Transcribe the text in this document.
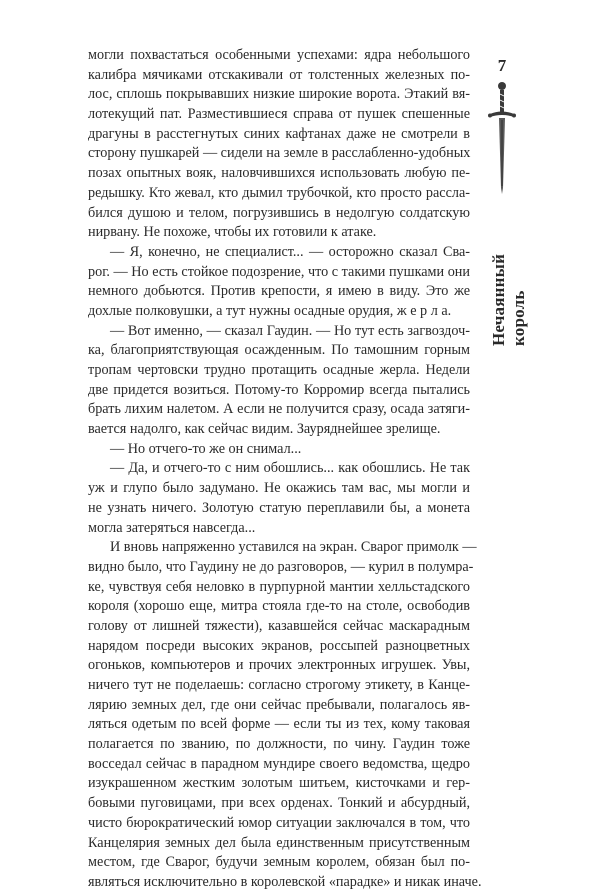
могли похвастаться особенными успехами: ядра небольшого
калибра мячиками отскакивали от толстенных железных по-
лос, сплошь покрывавших низкие широкие ворота. Этакий вя-
лотекущий пат. Разместившиеся справа от пушек спешенные
драгуны в расстегнутых синих кафтанах даже не смотрели в
сторону пушкарей — сидели на земле в расслабленно-удобных
позах опытных вояк, наловчившихся использовать любую пе-
редышку. Кто жевал, кто дымил трубочкой, кто просто рассла-
бился душою и телом, погрузившись в недолгую солдатскую
нирвану. Не похоже, чтобы их готовили к атаке.
— Я, конечно, не специалист... — осторожно сказал Сва-
рог. — Но есть стойкое подозрение, что с такими пушками они
немного добьются. Против крепости, я имею в виду. Это же
дохлые полковушки, а тут нужны осадные орудия, ж е р л а.
— Вот именно, — сказал Гаудин. — Но тут есть загвоздоч-
ка, благоприятствующая осажденным. По тамошним горным
тропам чертовски трудно протащить осадные жерла. Недели
две придется возиться. Потому-то Корромир всегда пытались
брать лихим налетом. А если не получится сразу, осада затяги-
вается надолго, как сейчас видим. Зауряднейшее зрелище.
— Но отчего-то же он снимал...
— Да, и отчего-то с ним обошлись... как обошлись. Не так
уж и глупо было задумано. Не окажись там вас, мы могли и
не узнать ничего. Золотую статую переплавили бы, а монета
могла затеряться навсегда...
И вновь напряженно уставился на экран. Сварог примолк —
видно было, что Гаудину не до разговоров, — курил в полумра-
ке, чувствуя себя неловко в пурпурной мантии хелльстадского
короля (хорошо еще, митра стояла где-то на столе, освободив
голову от лишней тяжести), казавшейся сейчас маскарадным
нарядом посреди высоких экранов, россыпей разноцветных
огоньков, компьютеров и прочих электронных игрушек. Увы,
ничего тут не поделаешь: согласно строгому этикету, в Канце-
лярию земных дел, где они сейчас пребывали, полагалось яв-
ляться одетым по всей форме — если ты из тех, кому таковая
полагается по званию, по должности, по чину. Гаудин тоже
восседал сейчас в парадном мундире своего ведомства, щедро
изукрашенном жестким золотым шитьем, кисточками и гер-
бовыми пуговицами, при всех орденах. Тонкий и абсурдный,
чисто бюрократический юмор ситуации заключался в том, что
Канцелярия земных дел была единственным присутственным
местом, где Сварог, будучи земным королем, обязан был по-
являться исключительно в королевской «парадке» и никак иначе.
7
Нечаянный король
